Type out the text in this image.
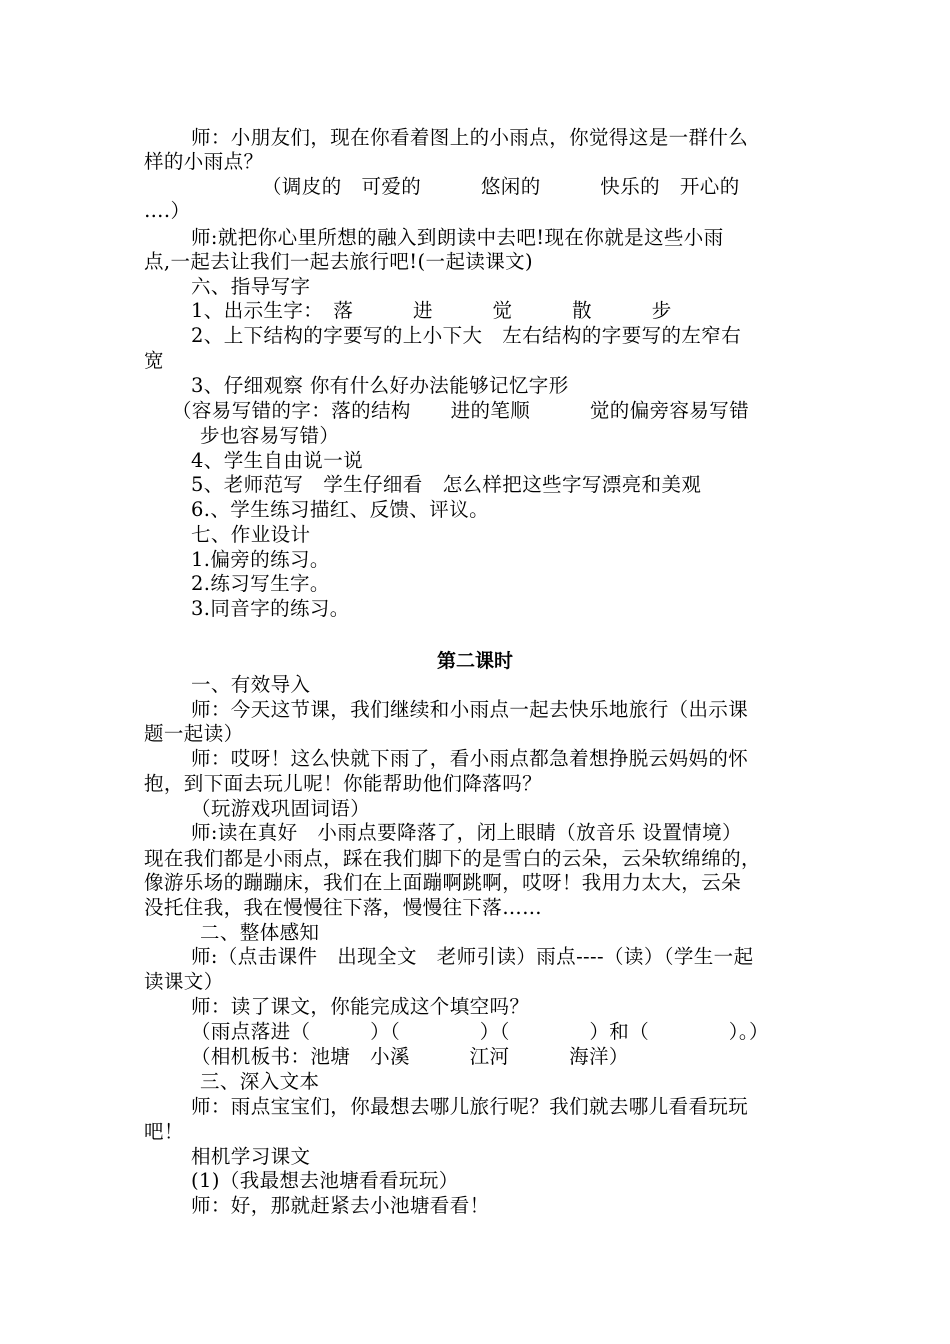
师：小朋友们，现在你看着图上的小雨点，你觉得这是一群什么
样的小雨点？
（调皮的　可爱的　　　悠闲的　　　快乐的　开心的
….）
师:就把你心里所想的融入到朗读中去吧!现在你就是这些小雨
点,一起去让我们一起去旅行吧!(一起读课文)
六、指导写字
1、出示生字：　落　　　进　　　觉　　　散　　　步
2、上下结构的字要写的上小下大　左右结构的字要写的左窄右
宽
3、仔细观察 你有什么好办法能够记忆字形
（容易写错的字：落的结构　　进的笔顺　　　觉的偏旁容易写错
步也容易写错）
4、学生自由说一说
5、老师范写　学生仔细看　怎么样把这些字写漂亮和美观
6.、学生练习描红、反馈、评议。
七、作业设计
1.偏旁的练习。
2.练习写生字。
3.同音字的练习。
第二课时
一、有效导入
师：今天这节课，我们继续和小雨点一起去快乐地旅行（出示课
题一起读）
师：哎呀！这么快就下雨了，看小雨点都急着想挣脱云妈妈的怀
抱，到下面去玩儿呢！你能帮助他们降落吗？
（玩游戏巩固词语）
师:读在真好　小雨点要降落了，闭上眼睛（放音乐 设置情境）
现在我们都是小雨点，踩在我们脚下的是雪白的云朵，云朵软绵绵的，
像游乐场的蹦蹦床，我们在上面蹦啊跳啊，哎呀！我用力太大，云朵
没托住我，我在慢慢往下落，慢慢往下落……
二、整体感知
师:（点击课件　出现全文　老师引读）雨点----（读）（学生一起
读课文）
师：读了课文，你能完成这个填空吗？
（雨点落进（　　　）（　　　　）（　　　　）和（　　　　）。）
（相机板书：池塘　小溪　　　江河　　　海洋）
三、深入文本
师：雨点宝宝们，你最想去哪儿旅行呢？我们就去哪儿看看玩玩
吧！
相机学习课文
(1)（我最想去池塘看看玩玩）
师：好，那就赶紧去小池塘看看！
